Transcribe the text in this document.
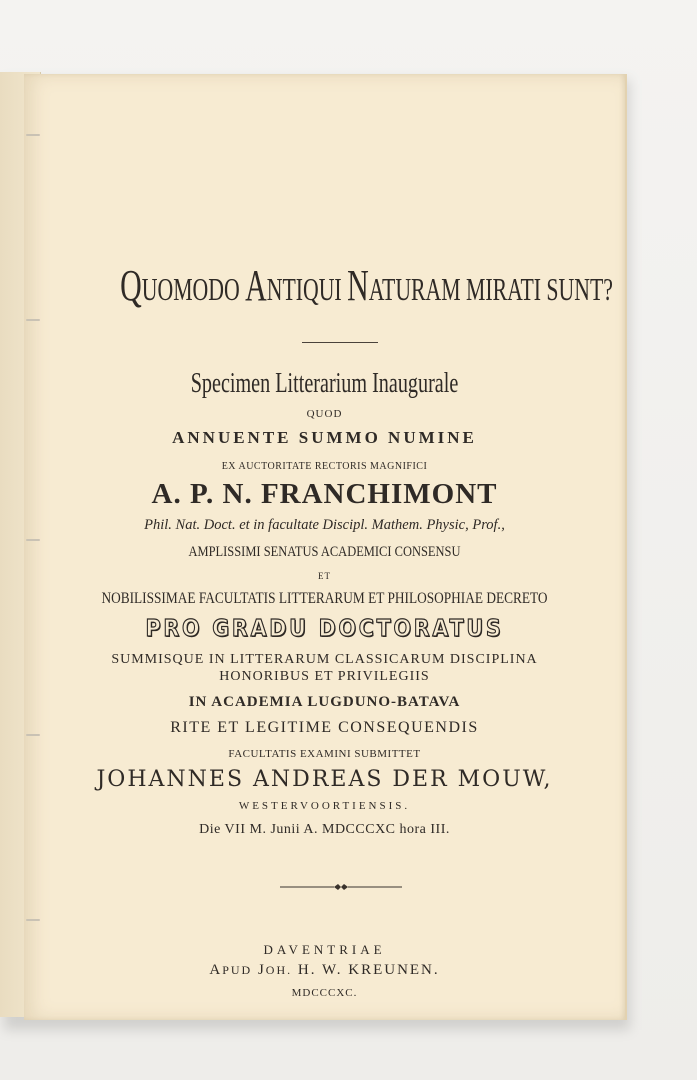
QUOMODO ANTIQUI NATURAM MIRATI SUNT?
Specimen Litterarium Inaugurale
QUOD
ANNUENTE SUMMO NUMINE
EX AUCTORITATE RECTORIS MAGNIFICI
A. P. N. FRANCHIMONT
Phil. Nat. Doct. et in facultate Discipl. Mathem. Physic, Prof.,
AMPLISSIMI SENATUS ACADEMICI CONSENSU
ET
NOBILISSIMAE FACULTATIS LITTERARUM ET PHILOSOPHIAE DECRETO
PRO GRADU DOCTORATUS
SUMMISQUE IN LITTERARUM CLASSICARUM DISCIPLINA
HONORIBUS ET PRIVILEGIIS
IN ACADEMIA LUGDUNO-BATAVA
RITE ET LEGITIME CONSEQUENDIS
FACULTATIS EXAMINI SUBMITTET
JOHANNES ANDREAS DER MOUW,
WESTERVOORTIENSIS.
Die VII M. Junii A. MDCCCXC hora III.
DAVENTRIAE
APUD JOH. H. W. KREUNEN.
MDCCCXC.
